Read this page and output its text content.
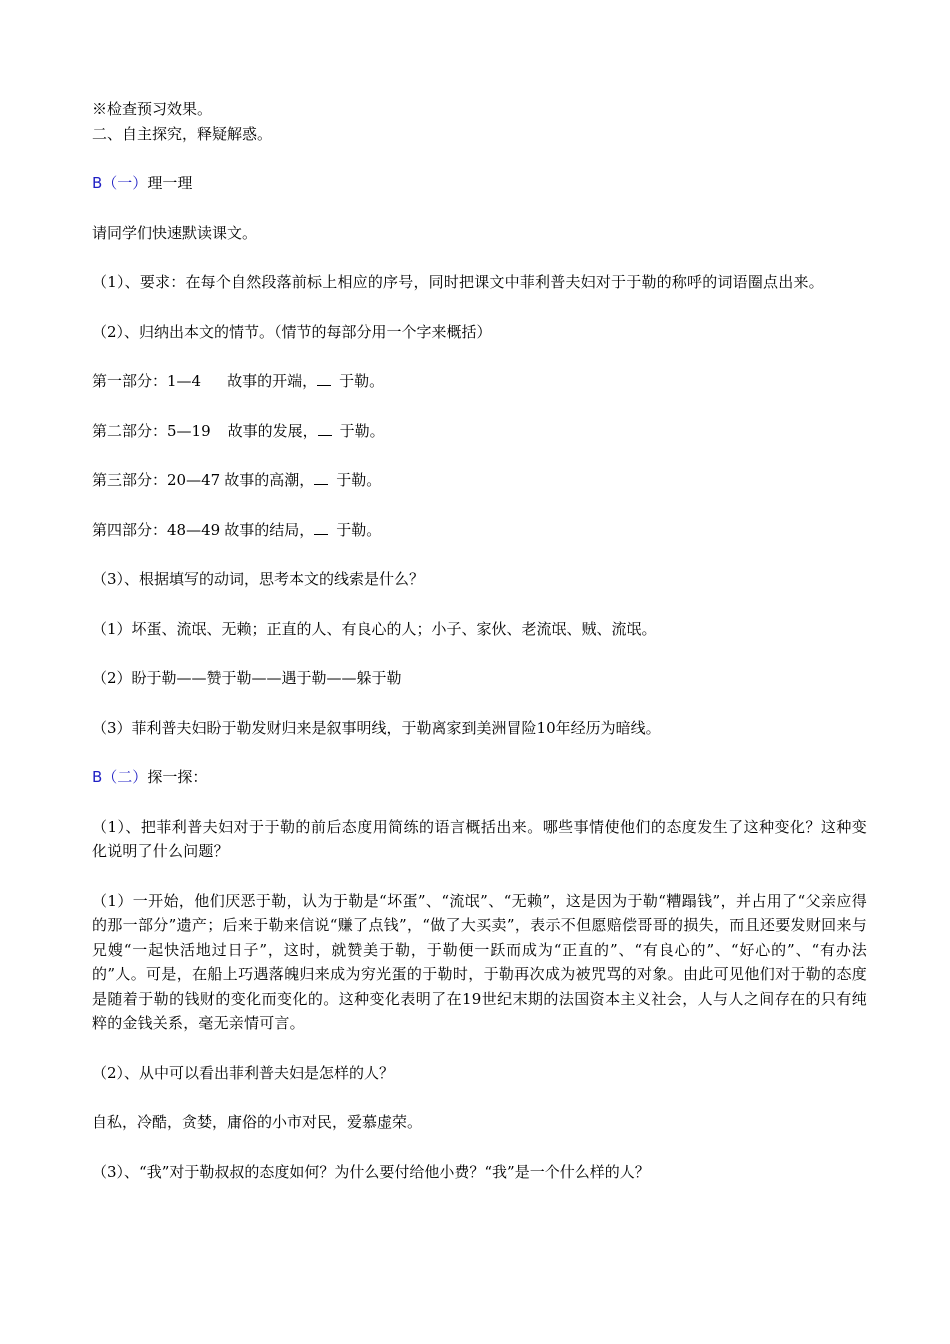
※检查预习效果。

二、自主探究，释疑解惑。

B（一）理一理

请同学们快速默读课文。

（1）、要求：在每个自然段落前标上相应的序号，同时把课文中菲利普夫妇对于于勒的称呼的词语圈点出来。

（2）、归纳出本文的情节。（情节的每部分用一个字来概括）

第一部分：1—4 故事的开端， 于勒。

第二部分：5—19 故事的发展， 于勒。

第三部分：20—47 故事的高潮， 于勒。

第四部分：48—49 故事的结局， 于勒。

（3）、根据填写的动词，思考本文的线索是什么？

（1）坏蛋、流氓、无赖；正直的人、有良心的人；小子、家伙、老流氓、贼、流氓。

（2）盼于勒——赞于勒——遇于勒——躲于勒

（3）菲利普夫妇盼于勒发财归来是叙事明线，于勒离家到美洲冒险10年经历为暗线。

B（二）探一探：

（1）、把菲利普夫妇对于于勒的前后态度用简练的语言概括出来。哪些事情使他们的态度发生了这种变化？这种变化说明了什么问题？

（1）一开始，他们厌恶于勒，认为于勒是“坏蛋”、“流氓”、“无赖”，这是因为于勒“糟蹋钱”，并占用了“父亲应得的那一部分”遗产；后来于勒来信说“赚了点钱”，“做了大买卖”，表示不但愿赔偿哥哥的损失，而且还要发财回来与兄嫂“一起快活地过日子”，这时，就赞美于勒，于勒便一跃而成为“正直的”、“有良心的”、“好心的”、“有办法的”人。可是，在船上巧遇落魄归来成为穷光蛋的于勒时，于勒再次成为被咒骂的对象。由此可见他们对于勒的态度是随着于勒的钱财的变化而变化的。这种变化表明了在19世纪末期的法国资本主义社会，人与人之间存在的只有纯粹的金钱关系，毫无亲情可言。

（2）、从中可以看出菲利普夫妇是怎样的人？

自私，冷酷，贪婪，庸俗的小市对民，爱慕虚荣。

（3）、“我”对于勒叔叔的态度如何？为什么要付给他小费？“我”是一个什么样的人？
